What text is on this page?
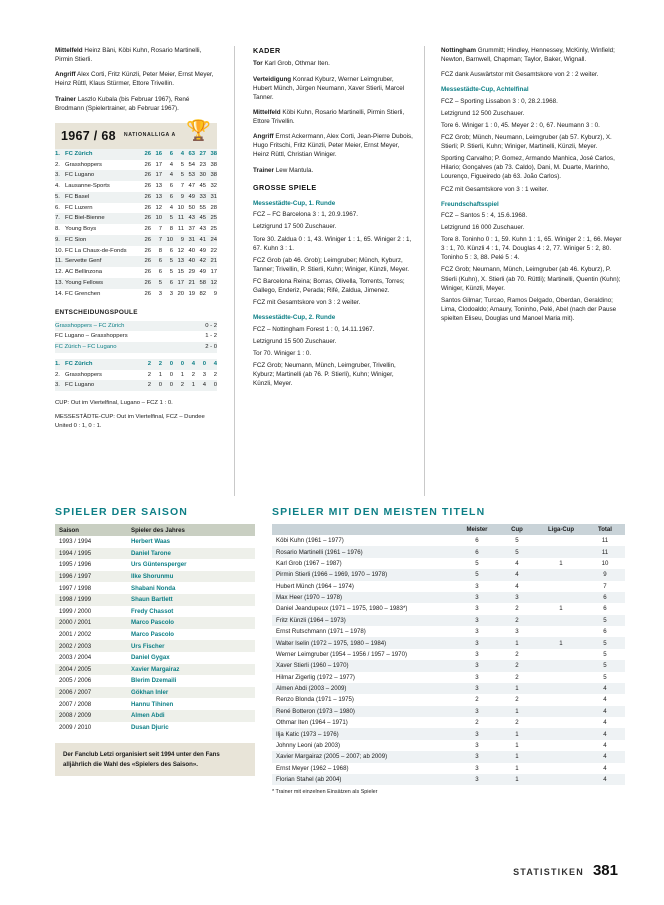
Mittelfeld Heinz Bäni, Köbi Kuhn, Rosario Martinelli, Pirmin Stierli.
Angriff Alex Corti, Fritz Künzli, Peter Meier, Ernst Meyer, Heinz Rüttl, Klaus Stürmer, Ettore Trivellin.
Trainer Laszlo Kubala (bis Februar 1967), René Brodmann (Spielertrainer, ab Februar 1967).
1967 / 68 NATIONALLIGA A 🏆
1.	FC Zürich	26	16	6	4	63	27	38
2.	Grasshoppers	26	17	4	5	54	23	38
3.	FC Lugano	26	17	4	5	53	30	38
4.	Lausanne-Sports	26	13	6	7	47	45	32
5.	FC Basel	26	13	6	9	49	33	31
6.	FC Luzern	26	12	4	10	50	55	28
7.	FC Biel-Bienne	26	10	5	11	43	45	25
8.	Young Boys	26	7	8	11	37	43	25
9.	FC Sion	26	7	10	9	31	41	24
10.	FC La Chaux-de-Fonds	26	8	6	12	40	49	22
11.	Servette Genf	26	6	5	13	40	42	21
12.	AC Bellinzona	26	6	5	15	29	49	17
13.	Young Fellows	26	5	6	17	21	58	12
14.	FC Grenchen	26	3	3	20	19	82	9
ENTSCHEIDUNGSPOULE
Grasshoppers – FC Zürich	0 - 2
FC Lugano – Grasshoppers	1 - 2
FC Zürich – FC Lugano	2 - 0
1.	FC Zürich	2	2	0	0	4	0	4
2.	Grasshoppers	2	1	0	1	2	3	2
3.	FC Lugano	2	0	0	2	1	4	0
CUP: Out im Viertelfinal, Lugano – FCZ 1 : 0.
MESSESTÄDTE-CUP: Out im Viertelfinal, FCZ – Dundee United 0 : 1, 0 : 1.
KADER
Tor Karl Grob, Othmar Iten.
Verteidigung Konrad Kyburz, Werner Leimgruber, Hubert Münch, Jürgen Neumann, Xaver Stierli, Marcel Tanner.
Mittelfeld Köbi Kuhn, Rosario Martinelli, Pirmin Stierli, Ettore Trivellin.
Angriff Ernst Ackermann, Alex Corti, Jean-Pierre Dubois, Hugo Fritschi, Fritz Künzli, Peter Meier, Ernst Meyer, Heinz Rüttl, Christian Winiger.
Trainer Lew Mantula.
GROSSE SPIELE
Messestädte-Cup, 1. Runde
FCZ – FC Barcelona 3 : 1, 20.9.1967.
Letzigrund 17 500 Zuschauer.
Tore 30. Zaldua 0 : 1, 43. Winiger 1 : 1, 65. Winiger 2 : 1, 67. Kuhn 3 : 1.
FCZ Grob (ab 46. Grob); Leimgruber; Münch, Kyburz, Tanner; Trivellin, P. Stierli, Kuhn; Winiger, Künzli, Meyer.
FC Barcelona Reina; Borras, Olivella, Torrents, Torres; Gallego, Enderiz, Perada; Rifé, Zaldua, Jimenez.
FCZ mit Gesamtskore von 3 : 2 weiter.
Messestädte-Cup, 2. Runde
FCZ – Nottingham Forest 1 : 0, 14.11.1967.
Letzigrund 15 500 Zuschauer.
Tor 70. Winiger 1 : 0.
FCZ Grob; Neumann, Münch, Leimgruber, Trivellin, Kyburz; Martinelli (ab 76. P. Stierli), Kuhn; Winiger, Künzli, Meyer.
Nottingham Grummitt; Hindley, Hennessey, McKinly, Winfield; Newton, Barnwell, Chapman; Taylor, Baker, Wignall.
FCZ dank Auswärtstor mit Gesamtskore von 2 : 2 weiter.
Messestädte-Cup, Achtelfinal
FCZ – Sporting Lissabon 3 : 0, 28.2.1968.
Letzigrund 12 500 Zuschauer.
Tore 6. Winiger 1 : 0, 45. Meyer 2 : 0, 67. Neumann 3 : 0.
FCZ Grob; Münch, Neumann, Leimgruber (ab 57. Kyburz), X. Stierli; P. Stierli, Kuhn; Winiger, Martinelli, Künzli, Meyer.
Sporting Carvalho; P. Gomez, Armando Manhica, José Carlos, Hilario; Gonçalves (ab 73. Caldo), Dani, M. Duarte, Marinho, Lourenço, Figueiredo (ab 63. João Carlos).
FCZ mit Gesamtskore von 3 : 1 weiter.
Freundschaftsspiel
FCZ – Santos 5 : 4, 15.6.1968.
Letzigrund 16 000 Zuschauer.
Tore 8. Toninho 0 : 1, 59. Kuhn 1 : 1, 65. Winiger 2 : 1, 66. Meyer 3 : 1, 70. Künzli 4 : 1, 74. Douglas 4 : 2, 77. Winiger 5 : 2, 80. Toninho 5 : 3, 88. Pelé 5 : 4.
FCZ Grob; Neumann, Münch, Leimgruber (ab 46. Kyburz), P. Stierli (Kuhn), X. Stierli (ab 70. Rüttli); Martinelli, Quentin (Kuhn); Winiger, Künzli, Meyer.
Santos Gilmar; Turcao, Ramos Delgado, Oberdan, Geraldino; Lima, Clodoaldo; Amaury, Toninho, Pelé, Abel (nach der Pause spielten Eliseu, Douglas und Manoel Maria mit).
SPIELER DER SAISON
Saison	Spieler des Jahres
1993 / 1994	Herbert Waas
1994 / 1995	Daniel Tarone
1995 / 1996	Urs Güntensperger
1996 / 1997	Ilke Shorunmu
1997 / 1998	Shabani Nonda
1998 / 1999	Shaun Bartlett
1999 / 2000	Fredy Chassot
2000 / 2001	Marco Pascolo
2001 / 2002	Marco Pascolo
2002 / 2003	Urs Fischer
2003 / 2004	Daniel Gygax
2004 / 2005	Xavier Margairaz
2005 / 2006	Blerim Dzemaili
2006 / 2007	Gökhan Inler
2007 / 2008	Hannu Tihinen
2008 / 2009	Almen Abdi
2009 / 2010	Dusan Djuric
Der Fanclub Letzi organisiert seit 1994 unter den Fans alljährlich die Wahl des «Spielers des Saison».
SPIELER MIT DEN MEISTEN TITELN
	Meister	Cup	Liga-Cup	Total
Köbi Kuhn (1961 – 1977)	6	5		11
Rosario Martinelli (1961 – 1976)	6	5		11
Karl Grob (1967 – 1987)	5	4	1	10
Pirmin Stierli (1966 – 1969, 1970 – 1978)	5	4		9
Hubert Münch (1964 – 1974)	3	4		7
Max Heer (1970 – 1978)	3	3		6
Daniel Jeandupeux (1971 – 1975, 1980 – 1983*)	3	2	1	6
Fritz Künzli (1964 – 1973)	3	2		5
Ernst Rutschmann (1971 – 1978)	3	3		6
Walter Iselin (1972 – 1975, 1980 – 1984)	3	1	1	5
Werner Leimgruber (1954 – 1956 / 1957 – 1970)	3	2		5
Xaver Stierli (1960 – 1970)	3	2		5
Hilmar Zigerlig (1972 – 1977)	3	2		5
Almen Abdi (2003 – 2009)	3	1		4
Renzo Blonda (1971 – 1975)	2	2		4
René Botteron (1973 – 1980)	3	1		4
Othmar Iten (1964 – 1971)	2	2		4
Ilja Katic (1973 – 1976)	3	1		4
Johnny Leoni (ab 2003)	3	1		4
Xavier Margairaz (2005 – 2007; ab 2009)	3	1		4
Ernst Meyer (1962 – 1968)	3	1		4
Florian Stahel (ab 2004)	3	1		4
* Trainer mit einzelnen Einsätzen als Spieler
STATISTIKEN 381
